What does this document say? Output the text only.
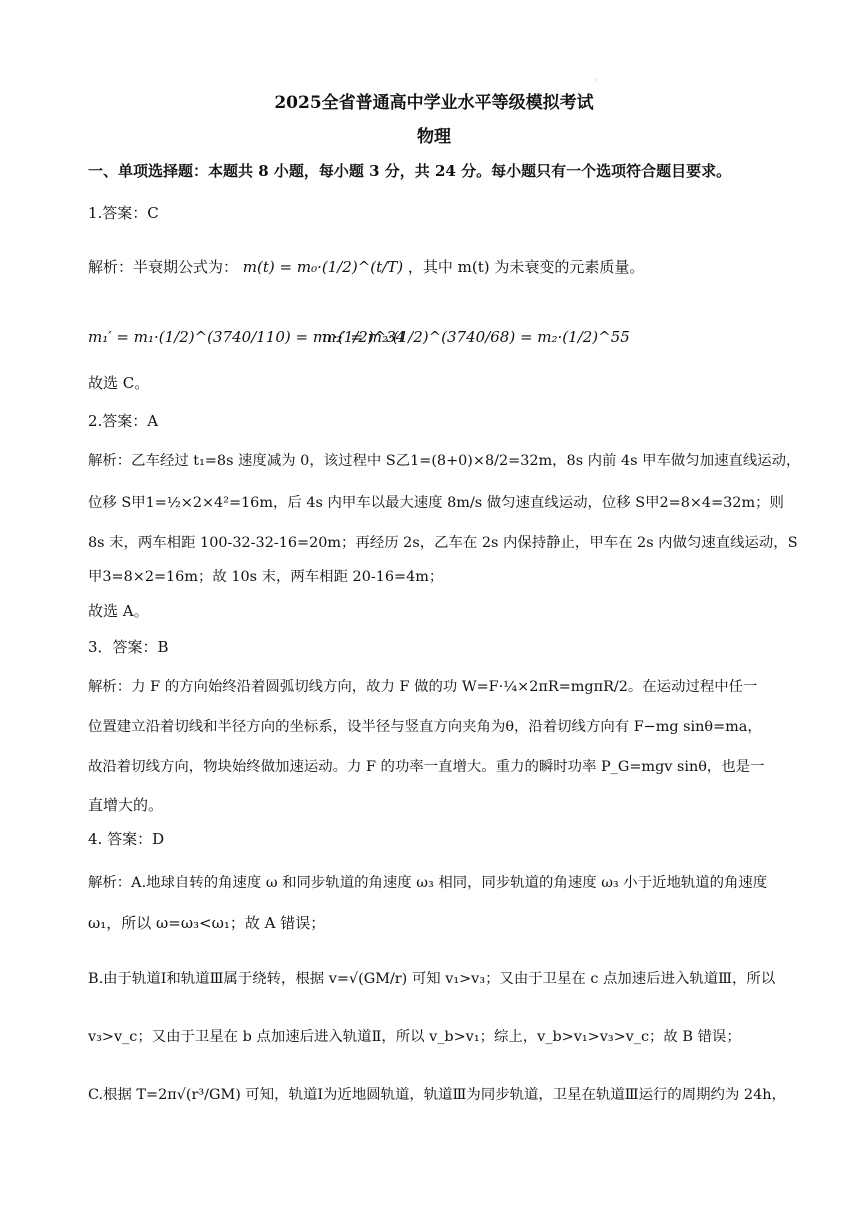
·
2025全省普通高中学业水平等级模拟考试
物理
一、单项选择题：本题共 8 小题，每小题 3 分，共 24 分。每小题只有一个选项符合题目要求。
1.答案：C
解析：半衰期公式为： m(t) = m₀·(1/2)^(t/T) ，其中 m(t) 为未衰变的元素质量。
m₁′ = m₁·(1/2)^(3740/110) = m₁·(1/2)^34
m₂′ = m₂·(1/2)^(3740/68) = m₂·(1/2)^55
故选 C。
2.答案：A
解析：乙车经过 t₁=8s 速度减为 0，该过程中 S乙1=(8+0)×8/2=32m，8s 内前 4s 甲车做匀加速直线运动，
位移 S甲1=½×2×4²=16m，后 4s 内甲车以最大速度 8m/s 做匀速直线运动，位移 S甲2=8×4=32m；则
8s 末，两车相距 100-32-32-16=20m；再经历 2s，乙车在 2s 内保持静止，甲车在 2s 内做匀速直线运动，S
甲3=8×2=16m；故 10s 末，两车相距 20-16=4m；
故选 A。
3．答案：B
解析：力 F 的方向始终沿着圆弧切线方向，故力 F 做的功 W=F·¼×2πR=mgπR/2。在运动过程中任一
位置建立沿着切线和半径方向的坐标系，设半径与竖直方向夹角为θ，沿着切线方向有 F−mg sinθ=ma，
故沿着切线方向，物块始终做加速运动。力 F 的功率一直增大。重力的瞬时功率 P_G=mgv sinθ，也是一
直增大的。
4. 答案：D
解析：A.地球自转的角速度 ω 和同步轨道的角速度 ω₃ 相同，同步轨道的角速度 ω₃ 小于近地轨道的角速度
ω₁，所以 ω=ω₃<ω₁；故 A 错误；
B.由于轨道Ⅰ和轨道Ⅲ属于绕转，根据 v=√(GM/r) 可知 v₁>v₃；又由于卫星在 c 点加速后进入轨道Ⅲ，所以
v₃>v_c；又由于卫星在 b 点加速后进入轨道Ⅱ，所以 v_b>v₁；综上，v_b>v₁>v₃>v_c；故 B 错误；
C.根据 T=2π√(r³/GM) 可知，轨道Ⅰ为近地圆轨道，轨道Ⅲ为同步轨道，卫星在轨道Ⅲ运行的周期约为 24h，
